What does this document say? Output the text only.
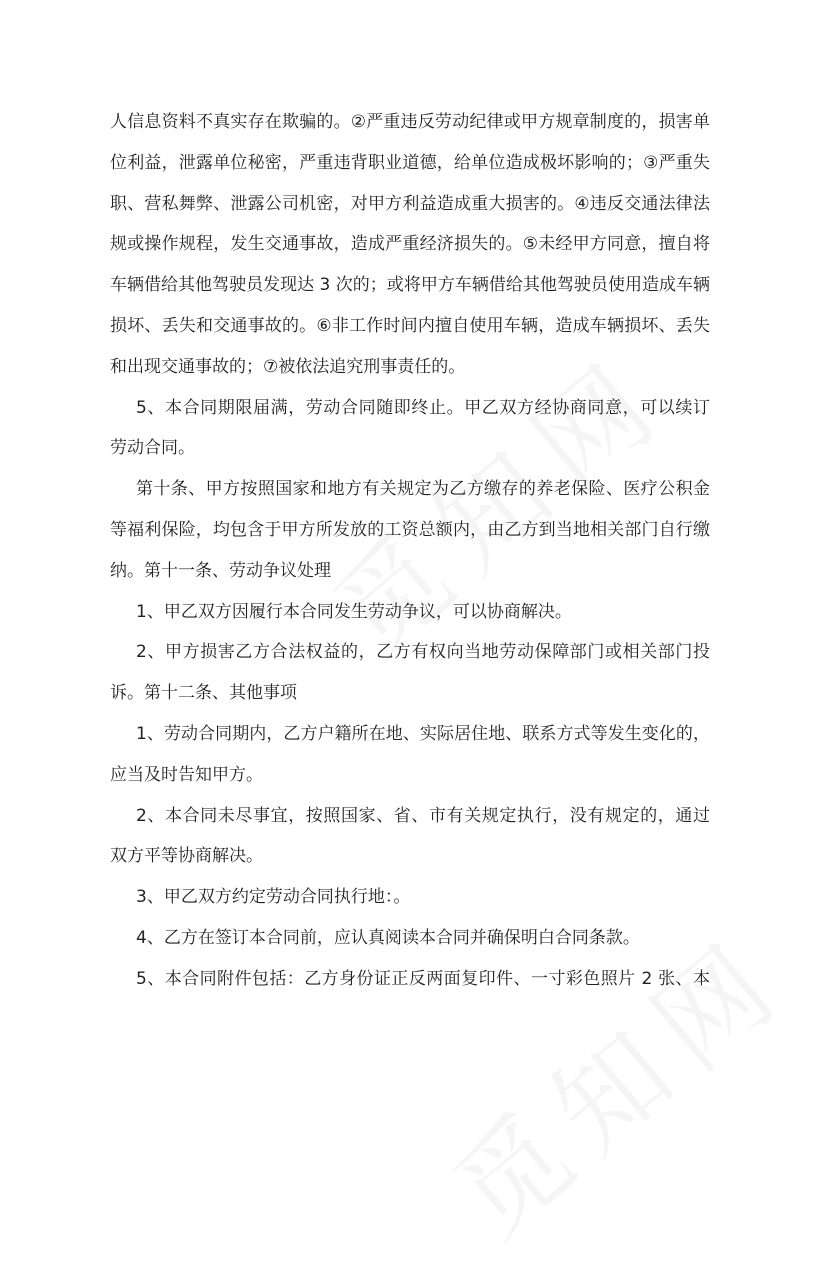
人信息资料不真实存在欺骗的。②严重违反劳动纪律或甲方规章制度的，损害单
位利益，泄露单位秘密，严重违背职业道德，给单位造成极坏影响的；③严重失
职、营私舞弊、泄露公司机密，对甲方利益造成重大损害的。④违反交通法律法
规或操作规程，发生交通事故，造成严重经济损失的。⑤未经甲方同意，擅自将
车辆借给其他驾驶员发现达 3 次的；或将甲方车辆借给其他驾驶员使用造成车辆
损坏、丢失和交通事故的。⑥非工作时间内擅自使用车辆，造成车辆损坏、丢失
和出现交通事故的；⑦被依法追究刑事责任的。
5、本合同期限届满，劳动合同随即终止。甲乙双方经协商同意，可以续订
劳动合同。
第十条、甲方按照国家和地方有关规定为乙方缴存的养老保险、医疗公积金
等福利保险，均包含于甲方所发放的工资总额内，由乙方到当地相关部门自行缴
纳。第十一条、劳动争议处理
1、甲乙双方因履行本合同发生劳动争议，可以协商解决。
2、甲方损害乙方合法权益的，乙方有权向当地劳动保障部门或相关部门投
诉。第十二条、其他事项
1、劳动合同期内，乙方户籍所在地、实际居住地、联系方式等发生变化的，
应当及时告知甲方。
2、本合同未尽事宜，按照国家、省、市有关规定执行，没有规定的，通过
双方平等协商解决。
3、甲乙双方约定劳动合同执行地：。
4、乙方在签订本合同前，应认真阅读本合同并确保明白合同条款。
5、本合同附件包括：乙方身份证正反两面复印件、一寸彩色照片 2 张、本
